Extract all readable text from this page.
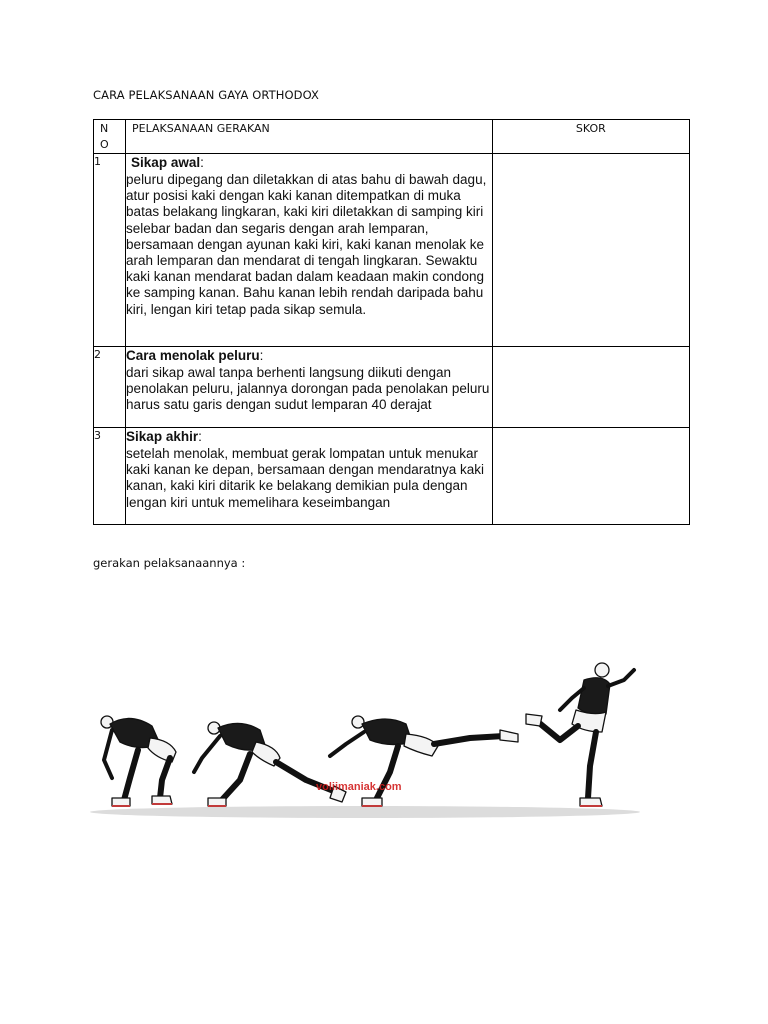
CARA PELAKSANAAN GAYA ORTHODOX
NO	PELAKSANAAN GERAKAN	SKOR

1	Sikap awal:

peluru dipegang dan diletakkan di atas bahu di bawah dagu, atur posisi kaki dengan kaki kanan ditempatkan di muka batas belakang lingkaran, kaki kiri diletakkan di samping kiri selebar badan dan segaris dengan arah lemparan, bersamaan dengan ayunan kaki kiri, kaki kanan menolak ke arah lemparan dan mendarat di tengah lingkaran. Sewaktu kaki kanan mendarat badan dalam keadaan makin condong ke samping kanan. Bahu kanan lebih rendah daripada bahu kiri, lengan kiri tetap pada sikap semula.	

2	Cara menolak peluru:

dari sikap awal tanpa berhenti langsung diikuti dengan penolakan peluru, jalannya dorongan pada penolakan peluru harus satu garis dengan sudut lemparan 40 derajat	

3	Sikap akhir:

setelah menolak, membuat gerak lompatan untuk menukar kaki kanan ke depan, bersamaan dengan mendaratnya kaki kanan, kaki kiri ditarik ke belakang demikian pula dengan lengan kiri untuk memelihara keseimbangan	

gerakan pelaksanaannya :
voliimaniak.com
